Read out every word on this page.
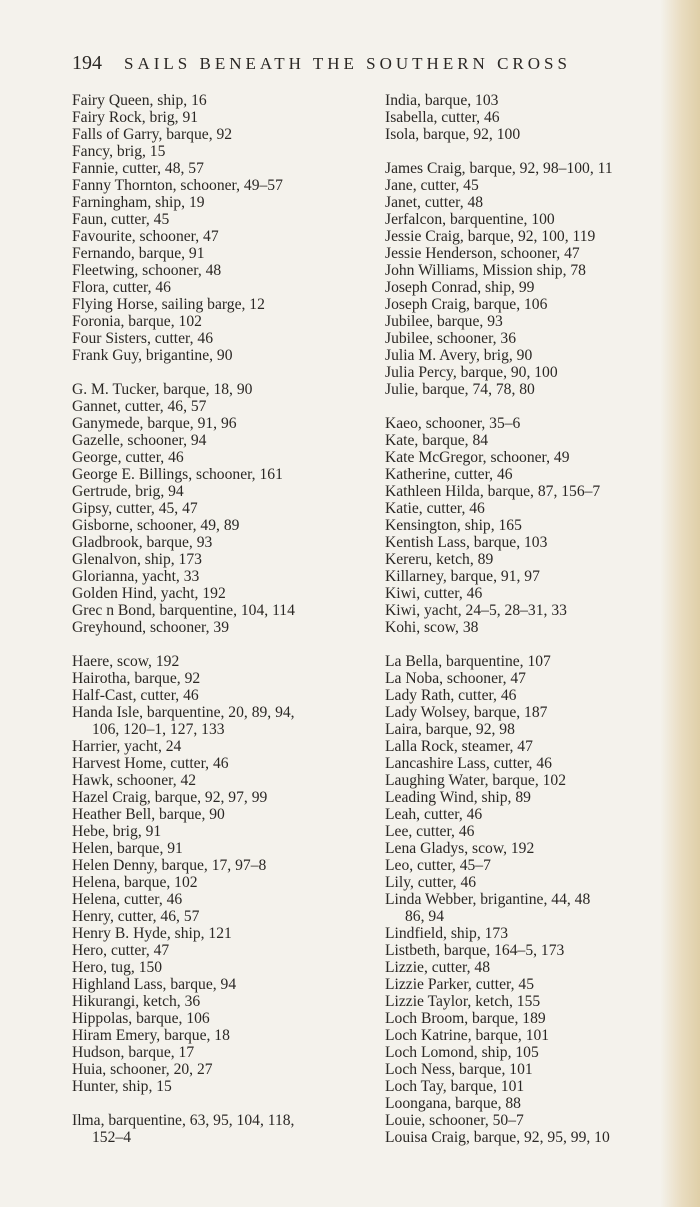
194 SAILS BENEATH THE SOUTHERN CROSS
Fairy Queen, ship, 16
Fairy Rock, brig, 91
Falls of Garry, barque, 92
Fancy, brig, 15
Fannie, cutter, 48, 57
Fanny Thornton, schooner, 49–57
Farningham, ship, 19
Faun, cutter, 45
Favourite, schooner, 47
Fernando, barque, 91
Fleetwing, schooner, 48
Flora, cutter, 46
Flying Horse, sailing barge, 12
Foronia, barque, 102
Four Sisters, cutter, 46
Frank Guy, brigantine, 90
G. M. Tucker, barque, 18, 90
Gannet, cutter, 46, 57
Ganymede, barque, 91, 96
Gazelle, schooner, 94
George, cutter, 46
George E. Billings, schooner, 161
Gertrude, brig, 94
Gipsy, cutter, 45, 47
Gisborne, schooner, 49, 89
Gladbrook, barque, 93
Glenalvon, ship, 173
Glorianna, yacht, 33
Golden Hind, yacht, 192
Grec n Bond, barquentine, 104, 114
Greyhound, schooner, 39
Haere, scow, 192
Hairotha, barque, 92
Half-Cast, cutter, 46
Handa Isle, barquentine, 20, 89, 94,
106, 120–1, 127, 133
Harrier, yacht, 24
Harvest Home, cutter, 46
Hawk, schooner, 42
Hazel Craig, barque, 92, 97, 99
Heather Bell, barque, 90
Hebe, brig, 91
Helen, barque, 91
Helen Denny, barque, 17, 97–8
Helena, barque, 102
Helena, cutter, 46
Henry, cutter, 46, 57
Henry B. Hyde, ship, 121
Hero, cutter, 47
Hero, tug, 150
Highland Lass, barque, 94
Hikurangi, ketch, 36
Hippolas, barque, 106
Hiram Emery, barque, 18
Hudson, barque, 17
Huia, schooner, 20, 27
Hunter, ship, 15
Ilma, barquentine, 63, 95, 104, 118,
152–4
India, barque, 103
Isabella, cutter, 46
Isola, barque, 92, 100
James Craig, barque, 92, 98–100, 11
Jane, cutter, 45
Janet, cutter, 48
Jerfalcon, barquentine, 100
Jessie Craig, barque, 92, 100, 119
Jessie Henderson, schooner, 47
John Williams, Mission ship, 78
Joseph Conrad, ship, 99
Joseph Craig, barque, 106
Jubilee, barque, 93
Jubilee, schooner, 36
Julia M. Avery, brig, 90
Julia Percy, barque, 90, 100
Julie, barque, 74, 78, 80
Kaeo, schooner, 35–6
Kate, barque, 84
Kate McGregor, schooner, 49
Katherine, cutter, 46
Kathleen Hilda, barque, 87, 156–7
Katie, cutter, 46
Kensington, ship, 165
Kentish Lass, barque, 103
Kereru, ketch, 89
Killarney, barque, 91, 97
Kiwi, cutter, 46
Kiwi, yacht, 24–5, 28–31, 33
Kohi, scow, 38
La Bella, barquentine, 107
La Noba, schooner, 47
Lady Rath, cutter, 46
Lady Wolsey, barque, 187
Laira, barque, 92, 98
Lalla Rock, steamer, 47
Lancashire Lass, cutter, 46
Laughing Water, barque, 102
Leading Wind, ship, 89
Leah, cutter, 46
Lee, cutter, 46
Lena Gladys, scow, 192
Leo, cutter, 45–7
Lily, cutter, 46
Linda Webber, brigantine, 44, 48
86, 94
Lindfield, ship, 173
Listbeth, barque, 164–5, 173
Lizzie, cutter, 48
Lizzie Parker, cutter, 45
Lizzie Taylor, ketch, 155
Loch Broom, barque, 189
Loch Katrine, barque, 101
Loch Lomond, ship, 105
Loch Ness, barque, 101
Loch Tay, barque, 101
Loongana, barque, 88
Louie, schooner, 50–7
Louisa Craig, barque, 92, 95, 99, 10
